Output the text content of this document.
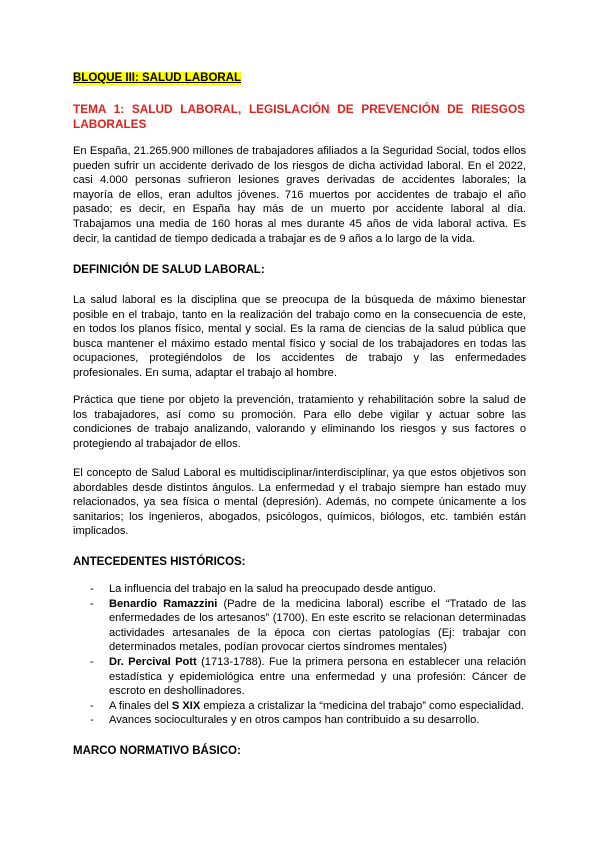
BLOQUE III: SALUD LABORAL
TEMA 1: SALUD LABORAL, LEGISLACIÓN DE PREVENCIÓN DE RIESGOS LABORALES
En España, 21.265.900 millones de trabajadores afiliados a la Seguridad Social, todos ellos pueden sufrir un accidente derivado de los riesgos de dicha actividad laboral. En el 2022, casi 4.000 personas sufrieron lesiones graves derivadas de accidentes laborales; la mayoría de ellos, eran adultos jóvenes. 716 muertos por accidentes de trabajo el año pasado; es decir, en España hay más de un muerto por accidente laboral al día. Trabajamos una media de 160 horas al mes durante 45 años de vida laboral activa. Es decir, la cantidad de tiempo dedicada a trabajar es de 9 años a lo largo de la vida.
DEFINICIÓN DE SALUD LABORAL:
La salud laboral es la disciplina que se preocupa de la búsqueda de máximo bienestar posible en el trabajo, tanto en la realización del trabajo como en la consecuencia de este, en todos los planos físico, mental y social. Es la rama de ciencias de la salud pública que busca mantener el máximo estado mental físico y social de los trabajadores en todas las ocupaciones, protegiéndolos de los accidentes de trabajo y las enfermedades profesionales. En suma, adaptar el trabajo al hombre.
Práctica que tiene por objeto la prevención, tratamiento y rehabilitación sobre la salud de los trabajadores, así como su promoción. Para ello debe vigilar y actuar sobre las condiciones de trabajo analizando, valorando y eliminando los riesgos y sus factores o protegiendo al trabajador de ellos.
El concepto de Salud Laboral es multidisciplinar/interdisciplinar, ya que estos objetivos son abordables desde distintos ángulos. La enfermedad y el trabajo siempre han estado muy relacionados, ya sea física o mental (depresión). Además, no compete únicamente a los sanitarios; los ingenieros, abogados, psicólogos, químicos, biólogos, etc. también están implicados.
ANTECEDENTES HISTÓRICOS:
- La influencia del trabajo en la salud ha preocupado desde antiguo.
- Benardio Ramazzini (Padre de la medicina laboral) escribe el “Tratado de las enfermedades de los artesanos” (1700). En este escrito se relacionan determinadas actividades artesanales de la época con ciertas patologías (Ej: trabajar con determinados metales, podían provocar ciertos síndromes mentales)
- Dr. Percival Pott (1713-1788). Fue la primera persona en establecer una relación estadística y epidemiológica entre una enfermedad y una profesión: Cáncer de escroto en deshollinadores.
- A finales del S XIX empieza a cristalizar la “medicina del trabajo” como especialidad.
- Avances socioculturales y en otros campos han contribuido a su desarrollo.
MARCO NORMATIVO BÁSICO:
